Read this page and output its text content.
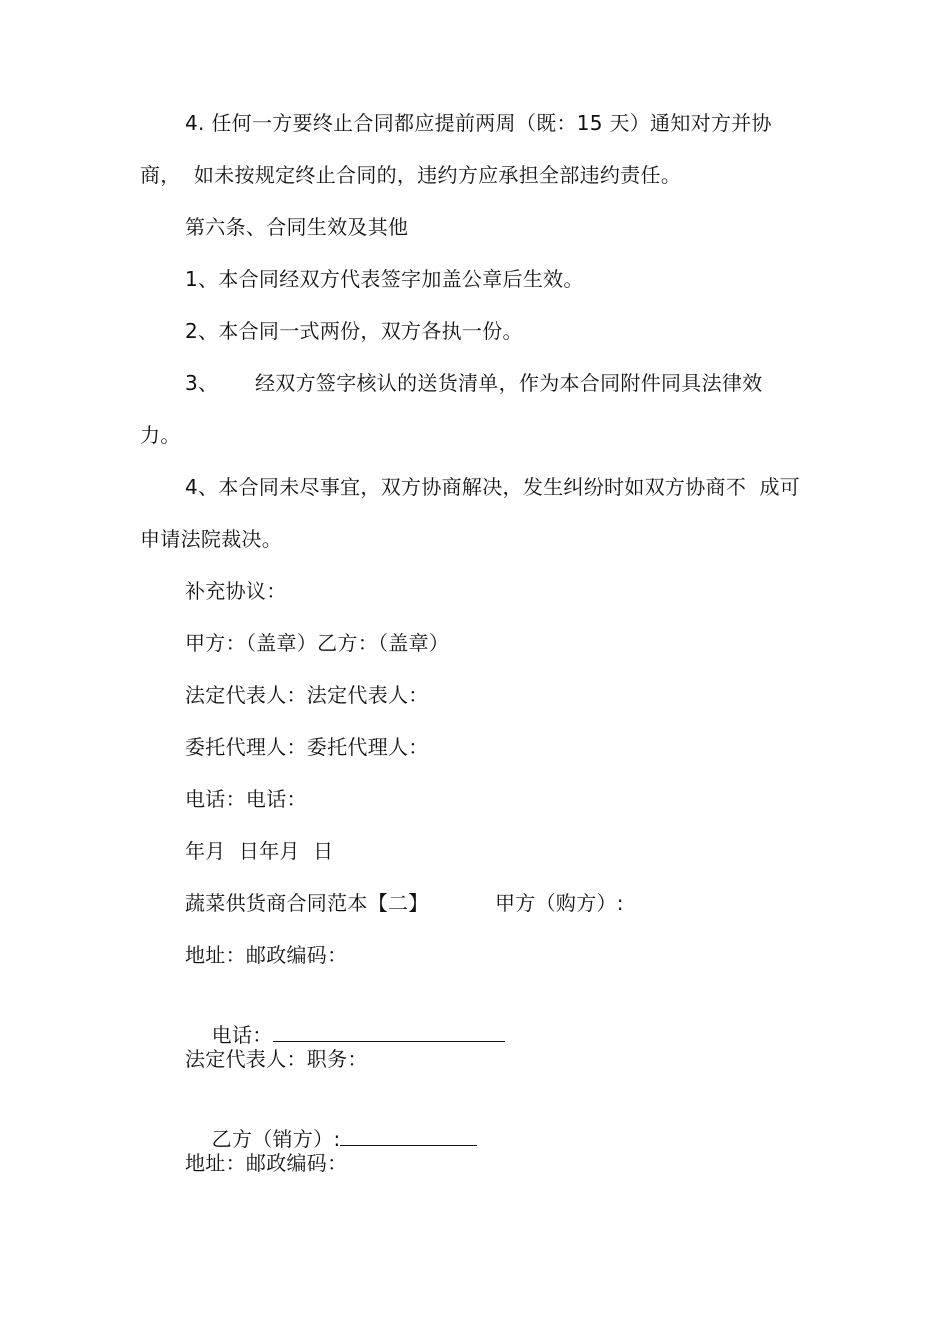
4. 任何一方要终止合同都应提前两周（既：15 天）通知对方并协
商，  如未按规定终止合同的，违约方应承担全部违约责任。
第六条、合同生效及其他
1、本合同经双方代表签字加盖公章后生效。
2、本合同一式两份，双方各执一份。
3、 经双方签字核认的送货清单，作为本合同附件同具法律效
力。
4、本合同未尽事宜，双方协商解决，发生纠纷时如双方协商不  成可
申请法院裁决。
补充协议：
甲方：（盖章）乙方：（盖章）
法定代表人：法定代表人：
委托代理人：委托代理人：
电话：电话：
年月  日年月  日
蔬菜供货商合同范本【二】	甲方（购方）:
地址：邮政编码：

电话：

法定代表人：职务：

乙方（销方）:

地址：邮政编码：
